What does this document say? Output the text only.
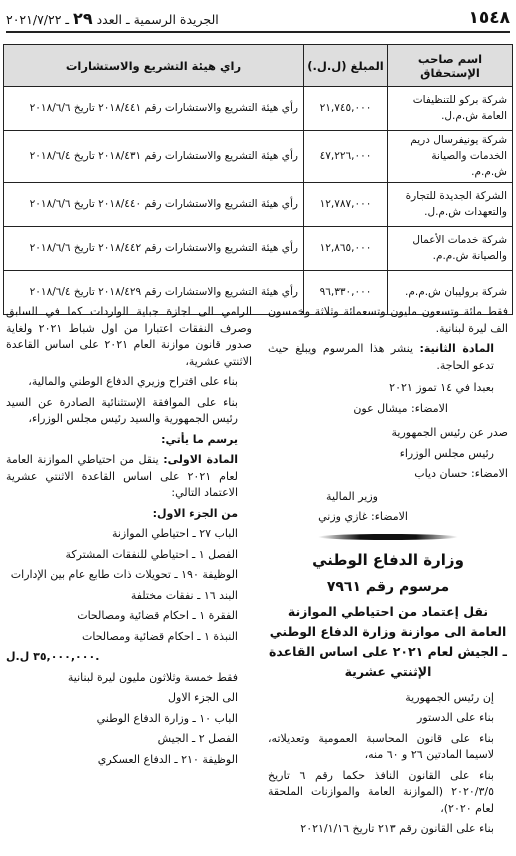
١٥٤٨
الجريدة الرسمية ـ العدد ٢٩ ـ ٢٠٢١/٧/٢٢
اسم صاحب الإستحقاق	المبلغ (ل.ل.)	راي هيئة التشريع والاستشارات
شركة بركو للتنظيفات العامة ش.م.ل.	٢١,٧٤٥,٠٠٠	رأي هيئة التشريع والاستشارات رقم ٢٠١٨/٤٤١ تاريخ ٢٠١٨/٦/٦
شركة يونيفرسال دريم الخدمات والصيانة ش.م.م.	٤٧,٢٢٦,٠٠٠	رأي هيئة التشريع والاستشارات رقم ٢٠١٨/٤٣١ تاريخ ٢٠١٨/٦/٤
الشركة الجديدة للتجارة والتعهدات ش.م.ل.	١٢,٧٨٧,٠٠٠	رأي هيئة التشريع والاستشارات رقم ٢٠١٨/٤٤٠ تاريخ ٢٠١٨/٦/٦
شركة خدمات الأعمال والصيانة ش.م.م.	١٢,٨٦٥,٠٠٠	رأي هيئة التشريع والاستشارات رقم ٢٠١٨/٤٤٢ تاريخ ٢٠١٨/٦/٦
شركة بروليبان ش.م.م.	٩٦,٣٣٠,٠٠٠	رأي هيئة التشريع والاستشارات رقم ٢٠١٨/٤٢٩ تاريخ ٢٠١٨/٦/٤

فقط مائة وتسعون مليون وتسعمائة وثلاثة وخمسون الف ليرة لبنانية.

المادة الثانية: ينشر هذا المرسوم ويبلغ حيث تدعو الحاجة.

بعبدا في ١٤ تموز ٢٠٢١

الامضاء: ميشال عون

صدر عن رئيس الجمهورية

رئيس مجلس الوزراء

الامضاء: حسان دياب

وزير المالية

الامضاء: غازي وزني

وزارة الدفاع الوطني

مرسوم رقم ٧٩٦١

نقل إعتماد من احتياطي الموازنة العامة الى موازنة وزارة الدفاع الوطني ـ الجيش لعام ٢٠٢١ على اساس القاعدة الإثنتي عشرية

إن رئيس الجمهورية

بناء على الدستور

بناء على قانون المحاسبة العمومية وتعديلاته، لاسيما المادتين ٢٦ و ٦٠ منه،

بناء على القانون النافذ حكما رقم ٦ تاريخ ٢٠٢٠/٣/٥ (الموازنة العامة والموازنات الملحقة لعام ٢٠٢٠)،

بناء على القانون رقم ٢١٣ تاريخ ٢٠٢١/١/١٦

الرامي الى اجازة جباية الواردات كما في السابق وصرف النفقات اعتبارا من اول شباط ٢٠٢١ ولغاية صدور قانون موازنة العام ٢٠٢١ على اساس القاعدة الاثنتي عشرية،

بناء على اقتراح وزيري الدفاع الوطني والمالية،

بناء على الموافقة الإستثنائية الصادرة عن السيد رئيس الجمهورية والسيد رئيس مجلس الوزراء،

يرسم ما يأتي:

المادة الاولى: ينقل من احتياطي الموازنة العامة لعام ٢٠٢١ على اساس القاعدة الاثنتي عشرية الاعتماد التالي:

من الجزء الاول:

الباب ٢٧ ـ احتياطي الموازنة

الفصل ١ ـ احتياطي للنفقات المشتركة

الوظيفة ١٩٠ ـ تحويلات ذات طابع عام بين الإدارات

البند ١٦ ـ نفقات مختلفة

الفقرة ١ ـ احكام قضائية ومصالحات

النبذة ١ ـ احكام قضائية ومصالحات

٣٥,٠٠٠,٠٠٠ ل.ل.

فقط خمسة وثلاثون مليون ليرة لبنانية

الى الجزء الاول

الباب ١٠ ـ وزارة الدفاع الوطني

الفصل ٢ ـ الجيش

الوظيفة ٢١٠ ـ الدفاع العسكري
